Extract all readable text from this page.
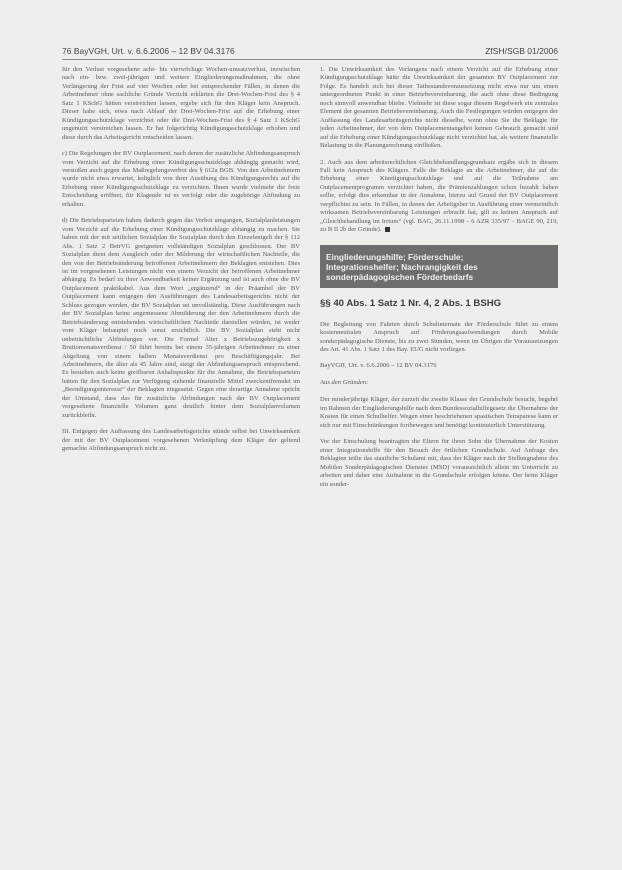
76 BayVGH, Urt. v. 6.6.2006 – 12 BV 04.3176	ZfSH/SGB 01/2006

für den Verlust vorgesehene acht- bis vierwöchige Wochen-umsatzverlust, inzwischen nach ein- bzw. zwei-jährigen und weitere Eingliederungsmaßnahmen, die ohne Verlängerung der Frist auf vier Wochen oder bei entsprechender Fällen, in denen die Arbeitnehmer ohne sachliche Gründe Verzicht erklärten die Drei-Wochen-Frist des § 4 Satz 1 KSchG hätten verstreichen lassen, ergebe sich für den Kläger kein Anspruch. Dieser habe sich, etwa nach Ablauf der Drei-Wochen-Frist auf die Erhebung einer Kündigungsschutzklage verzichtet oder die Drei-Wochen-Frist des § 4 Satz 1 KSchG ungenutzt verstreichen lassen. Er hat folgerichtig Kündigungsschutzklage erhoben und diese durch das Arbeitsgericht entscheiden lassen.

c) Die Regelungen der BV Outplacement, nach denen der zusätzliche Abfindungsanspruch vom Verzicht auf die Erhebung einer Kündigungsschutzklage abhängig gemacht wird, verstoßen auch gegen das Maßregelungsverbot des § 612a BGB. Von den Arbeitnehmern wurde nicht etwa erwartet, lediglich von ihrer Ausübung des Kündigungsrechts auf die Erhebung einer Kündigungsschutzklage zu verzichten. Ihnen wurde vielmehr die freie Entscheidung eröffnet; für Klagende ist es verfolgt oder die zugehörige Abfindung zu erhalten.

d) Die Betriebsparteien haben dadurch gegen das Verbot umgangen, Sozialplanleistungen vom Verzicht auf die Erhebung einer Kündigungsschutzklage abhängig zu machen. Sie haben mit der mit seitlichen Sozialplan ihr Sozialplan durch den Einzelentgelt der § 112 Abs. 1 Satz 2 BetrVG geeigneten vollständigen Sozialplan geschlossen. Der BV Sozialplan dient dem Ausgleich oder der Milderung der wirtschaftlichen Nachteile, die den von der Betriebsänderung betroffenen Arbeitnehmern der Beklagten entstehen. Dies ist im vorgesehenen Leistungen nicht von einem Verzicht der betroffenen Arbeitnehmer abhängig. Es bedarf zu ihrer Anwendbarkeit keiner Ergänzung und ist auch ohne die BV Outplacement praktikabel. Aus dem Wort „ergänzend“ in der Präambel der BV Outplacement kann entgegen den Ausführungen des Landesarbeitsgerichts nicht der Schluss gezogen werden, die BV Sozialplan sei unvollständig. Diese Ausführungen nach der BV Sozialplan keine angemessene Abmilderung der den Arbeitnehmern durch die Betriebsänderung entstehenden wirtschaftlichen Nachteile darstellen würden, ist weder vom Kläger behauptet noch sonst ersichtlich. Die BV Sozialplan sieht nicht unbeträchtliche Abfindungen vor. Die Formel Alter x Betriebszugehörigkeit x Bruttomonatsverdienst / 50 führt bereits bei einem 35-jährigen Arbeitnehmer zu einer Abgeltung von einem halben Monatsverdienst pro Beschäftigungsjahr. Bei Arbeitnehmern, die älter als 45 Jahre sind, steigt der Abfindungsanspruch entsprechend. Es bestehen auch keine greifbaren Anhaltspunkte für die Annahme, die Betriebsparteien hätten für den Sozialplan zur Verfügung stehende finanzielle Mittel zweckentfremdet im „Beendigungsinteresse“ der Beklagten eingesetzt. Gegen eine derartige Annahme spricht der Umstand, dass das für zusätzliche Abfindungen nach der BV Outplacement vorgesehene finanzielle Volumen ganz deutlich hinter dem Sozialplanvolumen zurückbleibt.

III. Entgegen der Auffassung des Landesarbeitsgerichts stünde selbst bei Unwirksamkeit der mit der BV Outplacement vorgesehenen Verknüpfung dem Kläger der geltend gemachte Abfindungsanspruch nicht zu.

1. Die Unwirksamkeit des Verlangens nach einem Verzicht auf die Erhebung einer Kündigungsschutzklage hätte die Unwirksamkeit der gesamten BV Outplacement zur Folge. Es handelt sich bei dieser Tatbestandsvoraussetzung nicht etwa nur um einen untergeordneten Punkt in einer Betriebsvereinbarung, die auch ohne diese Bedingung noch sinnvoll anwendbar bliebe. Vielmehr ist diese sogar diesem Regelwerk ein zentrales Element der gesamten Betriebsvereinbarung. Auch die Festlegungen würden entgegen der Auffassung des Landesarbeitsgerichts nicht dieselbe, wenn ohne Sie die Beklagte für jeden Arbeitnehmer, der von dem Outplacementangebot keinen Gebrauch gemacht und auf die Erhebung einer Kündigungsschutzklage nicht verzichtet hat, als weitere finanzielle Belastung in die Planungsrechnung einfließen.

2. Auch aus dem arbeitsrechtlichen Gleichbehandlungsgrundsatz ergäbe sich in diesem Fall kein Anspruch des Klägers. Falls die Beklagte an die Arbeitnehmer, die auf die Erhebung einer Kündigungsschutzklage und auf die Teilnahme am Outplacementprogramm verzichtet haben, die Prämienzahlungen schon bezahlt haben sollte, erfolgt dies erkennbar in der Annahme, hierzu auf Grund der BV Outplacement verpflichtet zu sein. In Fällen, in denen der Arbeitgeber in Ausführung einer vermeintlich wirksamen Betriebsvereinbarung Leistungen erbracht hat, gilt es keinen Anspruch auf „Gleichbehandlung im Irrtum“ (vgl. BAG, 26.11.1998 – 6 AZR 335/97 – BAGE 90, 219, zu B II 2b der Gründe).

Eingliederungshilfe; Förderschule;
Integrationshelfer; Nachrangigkeit des
sonderpädagogischen Förderbedarfs
§§ 40 Abs. 1 Satz 1 Nr. 4, 2 Abs. 1 BSHG

Die Begleitung von Fahrten durch Schulinternate der Förderschule führt zu einem kostenneutralen Anspruch auf Förderungsaufwendungen durch Mobile sonderpädagogische Dienste, bis zu zwei Stunden, wenn im Übrigen die Voraussetzungen des Art. 41 Abs. 1 Satz 1 des Bay. EUG nicht vorliegen.

BayVGH, Urt. v. 6.6.2006 – 12 BV 04.3176
Aus den Gründen:

Der minderjährige Kläger, der zurzeit die zweite Klasse der Grundschule besucht, begehrt im Rahmen der Eingliederungshilfe nach dem Bundessozialhilfegesetz die Übernahme der Kosten für einen Schulhelfer. Wegen einer beschriebenen spastischen Tetraparese kann er sich nur mit Einschränkungen fortbewegen und benötigt kontinuierlich Unterstützung.

Vor der Einschulung beantragten die Eltern für ihren Sohn die Übernahme der Kosten einer Integrationshilfe für den Besuch der örtlichen Grundschule. Auf Anfrage des Beklagten teilte das staatliche Schulamt mit, dass der Kläger nach der Stellungnahme des Mobilen Sonderpädagogischen Dienstes (MSD) voraussichtlich allein im Unterricht zu arbeiten und daher eine Aufnahme in die Grundschule erfolgen könne. Der beim Kläger ein sonder-
